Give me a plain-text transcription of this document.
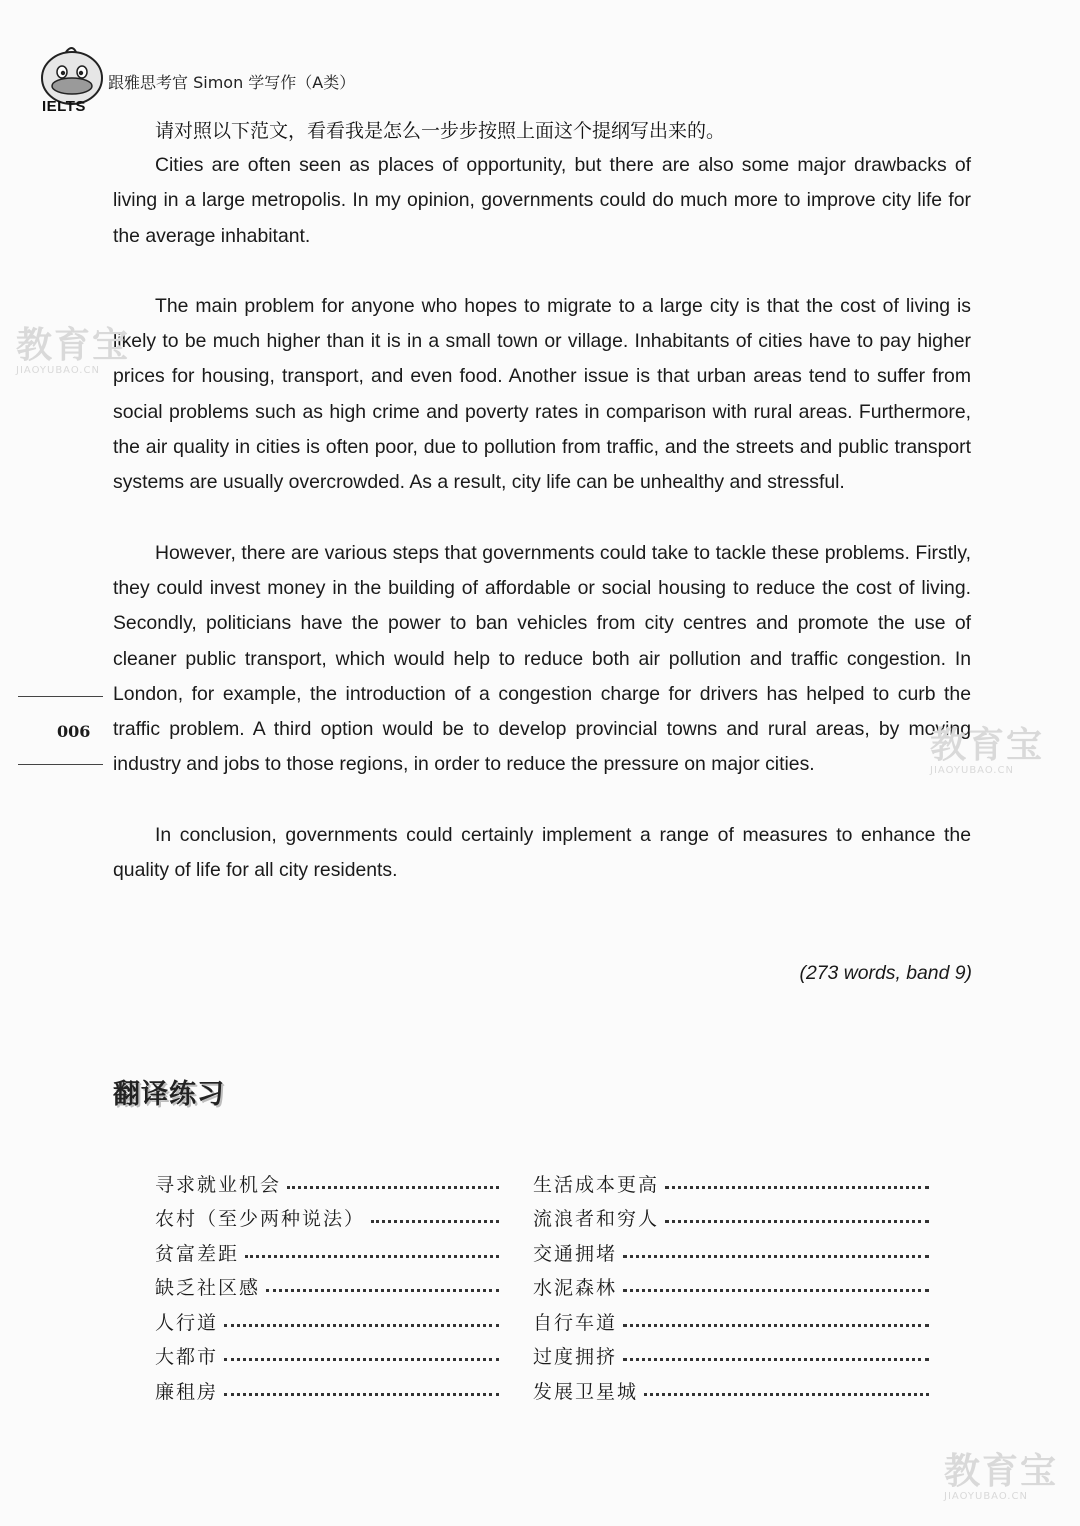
IELTS
跟雅思考官 Simon 学写作（A类）
请对照以下范文，看看我是怎么一步步按照上面这个提纲写出来的。

Cities are often seen as places of opportunity, but there are also some major drawbacks of living in a large metropolis. In my opinion, governments could do much more to improve city life for the average inhabitant.

The main problem for anyone who hopes to migrate to a large city is that the cost of living is likely to be much higher than it is in a small town or village. Inhabitants of cities have to pay higher prices for housing, transport, and even food. Another issue is that urban areas tend to suffer from social problems such as high crime and poverty rates in comparison with rural areas. Furthermore, the air quality in cities is often poor, due to pollution from traffic, and the streets and public transport systems are usually overcrowded. As a result, city life can be unhealthy and stressful.

However, there are various steps that governments could take to tackle these problems. Firstly, they could invest money in the building of affordable or social housing to reduce the cost of living. Secondly, politicians have the power to ban vehicles from city centres and promote the use of cleaner public transport, which would help to reduce both air pollution and traffic congestion. In London, for example, the introduction of a congestion charge for drivers has helped to curb the traffic problem. A third option would be to develop provincial towns and rural areas, by moving industry and jobs to those regions, in order to reduce the pressure on major cities.

In conclusion, governments could certainly implement a range of measures to enhance the quality of life for all city residents.

(273 words, band 9)
006
翻译练习
寻求就业机会	生活成本更高
农村（至少两种说法）	流浪者和穷人
贫富差距	交通拥堵
缺乏社区感	水泥森林
人行道	自行车道
大都市	过度拥挤
廉租房	发展卫星城
教育宝
JIAOYUBAO.CN
教育宝
JIAOYUBAO.CN
教育宝
JIAOYUBAO.CN
